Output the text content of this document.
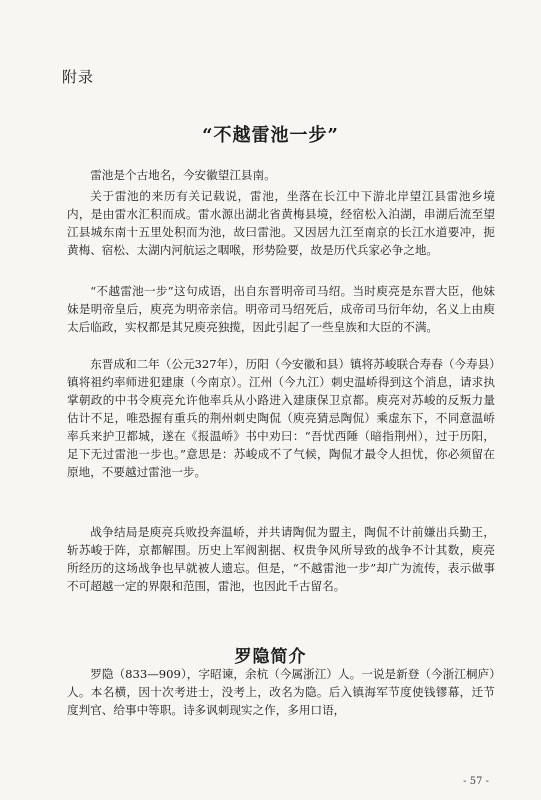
附录
“不越雷池一步”

雷池是个古地名，今安徽望江县南。

关于雷池的来历有关记载说，雷池，坐落在长江中下游北岸望江县雷池乡境内，是由雷水汇积而成。雷水源出湖北省黄梅县境，经宿松入泊湖，串湖后流至望江县城东南十五里处积而为池，故曰雷池。又因居九江至南京的长江水道要冲，扼黄梅、宿松、太湖内河航运之咽喉，形势险要，故是历代兵家必争之地。

“不越雷池一步”这句成语，出自东晋明帝司马绍。当时庾亮是东晋大臣，他妹妹是明帝皇后，庾亮为明帝亲信。明帝司马绍死后，成帝司马衍年幼，名义上由庾太后临政，实权都是其兄庾亮独揽，因此引起了一些皇族和大臣的不满。

东晋成和二年（公元327年），历阳（今安徽和县）镇将苏峻联合寿春（今寿县）镇将祖约率师进犯建康（今南京）。江州（今九江）刺史温峤得到这个消息，请求执掌朝政的中书令庾亮允许他率兵从小路进入建康保卫京都。庾亮对苏峻的反叛力量估计不足，唯恐握有重兵的荆州刺史陶侃（庾亮猜忌陶侃）乘虚东下，不同意温峤率兵来护卫都城，遂在《报温峤》书中劝曰：“吾忧西陲（暗指荆州），过于历阳，足下无过雷池一步也。”意思是：苏峻成不了气候，陶侃才最令人担忧，你必须留在原地，不要越过雷池一步。

战争结局是庾亮兵败投奔温峤，并共请陶侃为盟主，陶侃不计前嫌出兵勤王，斩苏峻于阵，京都解围。历史上军阀割据、权贵争风所导致的战争不计其数，庾亮所经历的这场战争也早就被人遗忘。但是，“不越雷池一步”却广为流传，表示做事不可超越一定的界限和范围，雷池，也因此千古留名。

罗隐简介

罗隐（833—909），字昭谏，余杭（今属浙江）人。一说是新登（今浙江桐庐）人。本名横，因十次考进士，没考上，改名为隐。后入镇海军节度使钱镠幕，迁节度判官、给事中等职。诗多讽刺现实之作，多用口语，

- 57 -
